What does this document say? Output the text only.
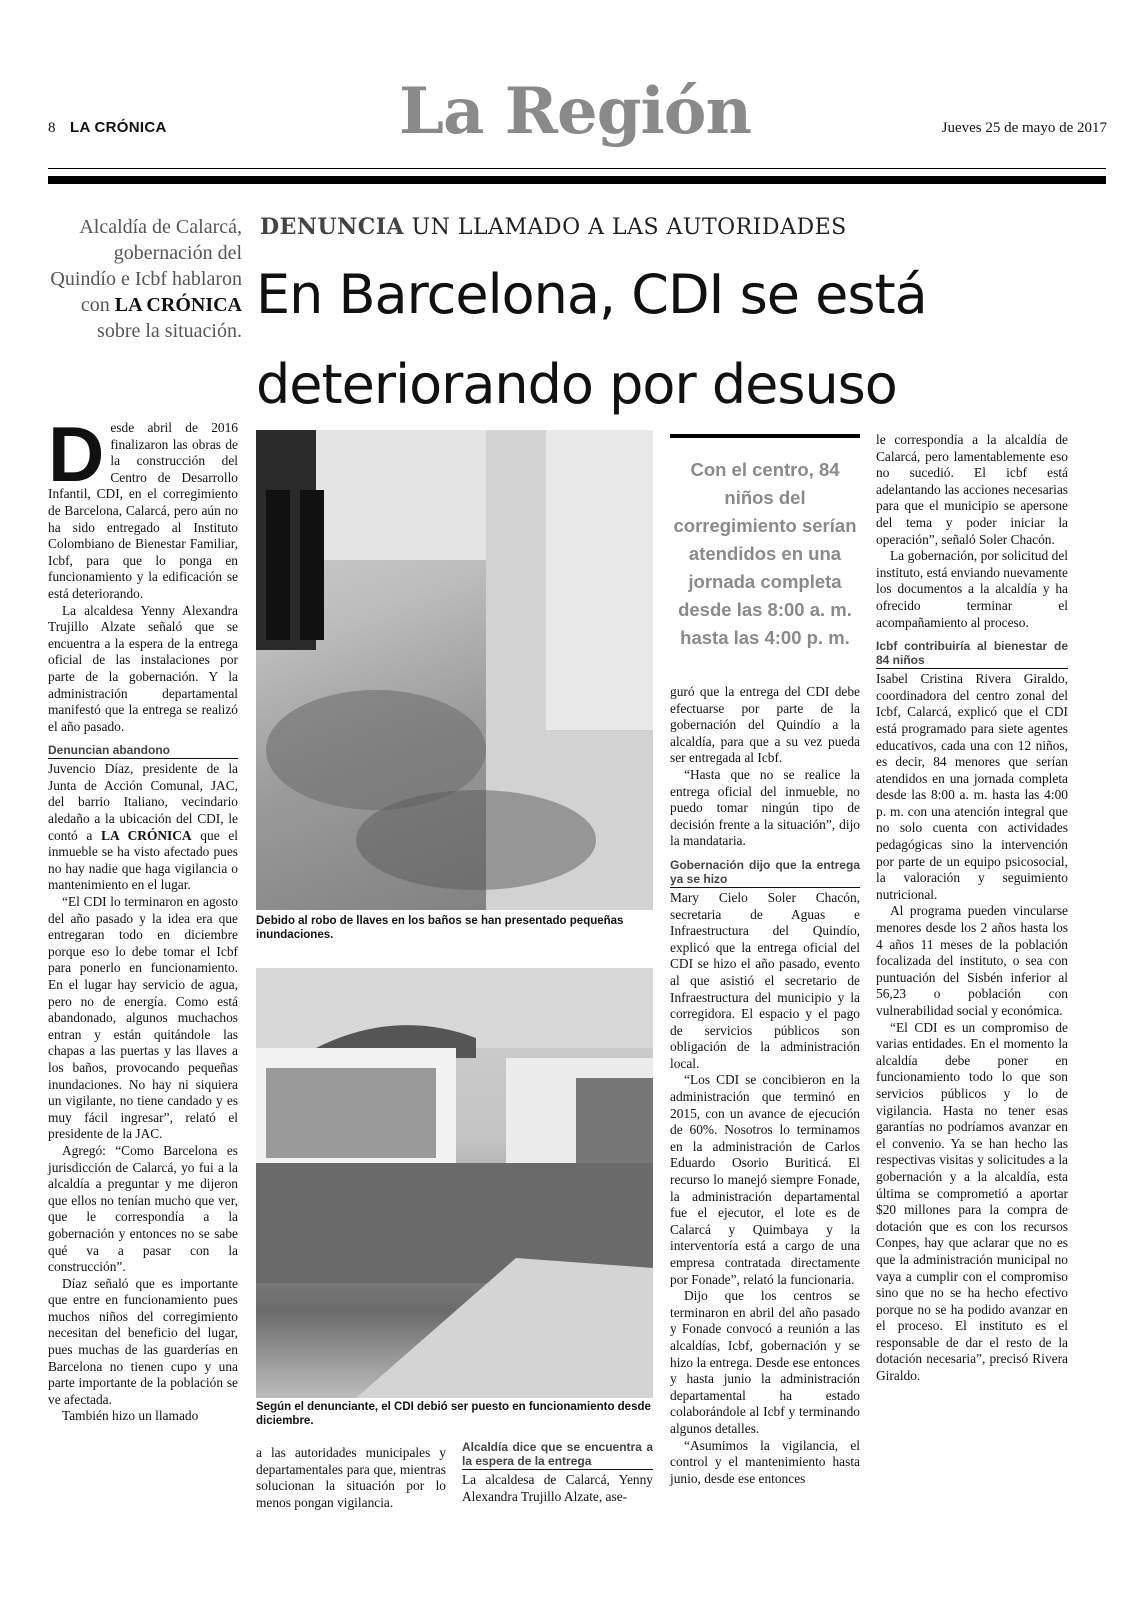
8 LA CRÓNICA	La Región	Jueves 25 de mayo de 2017
Alcaldía de Calarcá, gobernación del Quindío e Icbf hablaron con LA CRÓNICA sobre la situación.
DENUNCIA UN LLAMADO A LAS AUTORIDADES
En Barcelona, CDI se está deteriorando por desuso

Desde abril de 2016 finalizaron las obras de la construcción del Centro de Desarrollo Infantil, CDI, en el corregimiento de Barcelona, Calarcá, pero aún no ha sido entregado al Instituto Colombiano de Bienestar Familiar, Icbf, para que lo ponga en funcionamiento y la edificación se está deteriorando.

La alcaldesa Yenny Alexandra Trujillo Alzate señaló que se encuentra a la espera de la entrega oficial de las instalaciones por parte de la gobernación. Y la administración departamental manifestó que la entrega se realizó el año pasado.

Denuncian abandono

Juvencio Díaz, presidente de la Junta de Acción Comunal, JAC, del barrio Italiano, vecindario aledaño a la ubicación del CDI, le contó a LA CRÓNICA que el inmueble se ha visto afectado pues no hay nadie que haga vigilancia o mantenimiento en el lugar.

“El CDI lo terminaron en agosto del año pasado y la idea era que entregaran todo en diciembre porque eso lo debe tomar el Icbf para ponerlo en funcionamiento. En el lugar hay servicio de agua, pero no de energía. Como está abandonado, algunos muchachos entran y están quitándole las chapas a las puertas y las llaves a los baños, provocando pequeñas inundaciones. No hay ni siquiera un vigilante, no tiene candado y es muy fácil ingresar”, relató el presidente de la JAC.

Agregó: “Como Barcelona es jurisdicción de Calarcá, yo fui a la alcaldía a preguntar y me dijeron que ellos no tenían mucho que ver, que le correspondía a la gobernación y entonces no se sabe qué va a pasar con la construcción”.

Díaz señaló que es importante que entre en funcionamiento pues muchos niños del corregimiento necesitan del beneficio del lugar, pues muchas de las guarderías en Barcelona no tienen cupo y una parte importante de la población se ve afectada.

También hizo un llamado

Debido al robo de llaves en los baños se han presentado pequeñas inundaciones.
Según el denunciante, el CDI debió ser puesto en funcionamiento desde diciembre.

a las autoridades municipales y departamentales para que, mientras solucionan la situación por lo menos pongan vigilancia.

Alcaldía dice que se encuentra a la espera de la entrega

La alcaldesa de Calarcá, Yenny Alexandra Trujillo Alzate, ase-

Con el centro, 84 niños del corregimiento serían atendidos en una jornada completa desde las 8:00 a. m. hasta las 4:00 p. m.

guró que la entrega del CDI debe efectuarse por parte de la gobernación del Quindío a la alcaldía, para que a su vez pueda ser entregada al Icbf.

“Hasta que no se realice la entrega oficial del inmueble, no puedo tomar ningún tipo de decisión frente a la situación”, dijo la mandataria.

Gobernación dijo que la entrega ya se hizo

Mary Cielo Soler Chacón, secretaria de Aguas e Infraestructura del Quindío, explicó que la entrega oficial del CDI se hizo el año pasado, evento al que asistió el secretario de Infraestructura del municipio y la corregidora. El espacio y el pago de servicios públicos son obligación de la administración local.

“Los CDI se concibieron en la administración que terminó en 2015, con un avance de ejecución de 60%. Nosotros lo terminamos en la administración de Carlos Eduardo Osorio Buriticá. El recurso lo manejó siempre Fonade, la administración departamental fue el ejecutor, el lote es de Calarcá y Quimbaya y la interventoría está a cargo de una empresa contratada directamente por Fonade”, relató la funcionaria.

Dijo que los centros se terminaron en abril del año pasado y Fonade convocó a reunión a las alcaldías, Icbf, gobernación y se hizo la entrega. Desde ese entonces y hasta junio la administración departamental ha estado colaborándole al Icbf y terminando algunos detalles.

“Asumimos la vigilancia, el control y el mantenimiento hasta junio, desde ese entonces

le correspondía a la alcaldía de Calarcá, pero lamentablemente eso no sucedió. El icbf está adelantando las acciones necesarias para que el municipio se apersone del tema y poder iniciar la operación”, señaló Soler Chacón.

La gobernación, por solicitud del instituto, está enviando nuevamente los documentos a la alcaldía y ha ofrecido terminar el acompañamiento al proceso.

Icbf contribuiría al bienestar de 84 niños

Isabel Cristina Rivera Giraldo, coordinadora del centro zonal del Icbf, Calarcá, explicó que el CDI está programado para siete agentes educativos, cada una con 12 niños, es decir, 84 menores que serían atendidos en una jornada completa desde las 8:00 a. m. hasta las 4:00 p. m. con una atención integral que no solo cuenta con actividades pedagógicas sino la intervención por parte de un equipo psicosocial, la valoración y seguimiento nutricional.

Al programa pueden vincularse menores desde los 2 años hasta los 4 años 11 meses de la población focalizada del instituto, o sea con puntuación del Sisbén inferior al 56,23 o población con vulnerabilidad social y económica.

“El CDI es un compromiso de varias entidades. En el momento la alcaldía debe poner en funcionamiento todo lo que son servicios públicos y lo de vigilancia. Hasta no tener esas garantías no podríamos avanzar en el convenio. Ya se han hecho las respectivas visitas y solicitudes a la gobernación y a la alcaldía, esta última se comprometió a aportar $20 millones para la compra de dotación que es con los recursos Conpes, hay que aclarar que no es que la administración municipal no vaya a cumplir con el compromiso sino que no se ha hecho efectivo porque no se ha podido avanzar en el proceso. El instituto es el responsable de dar el resto de la dotación necesaria”, precisó Rivera Giraldo.
